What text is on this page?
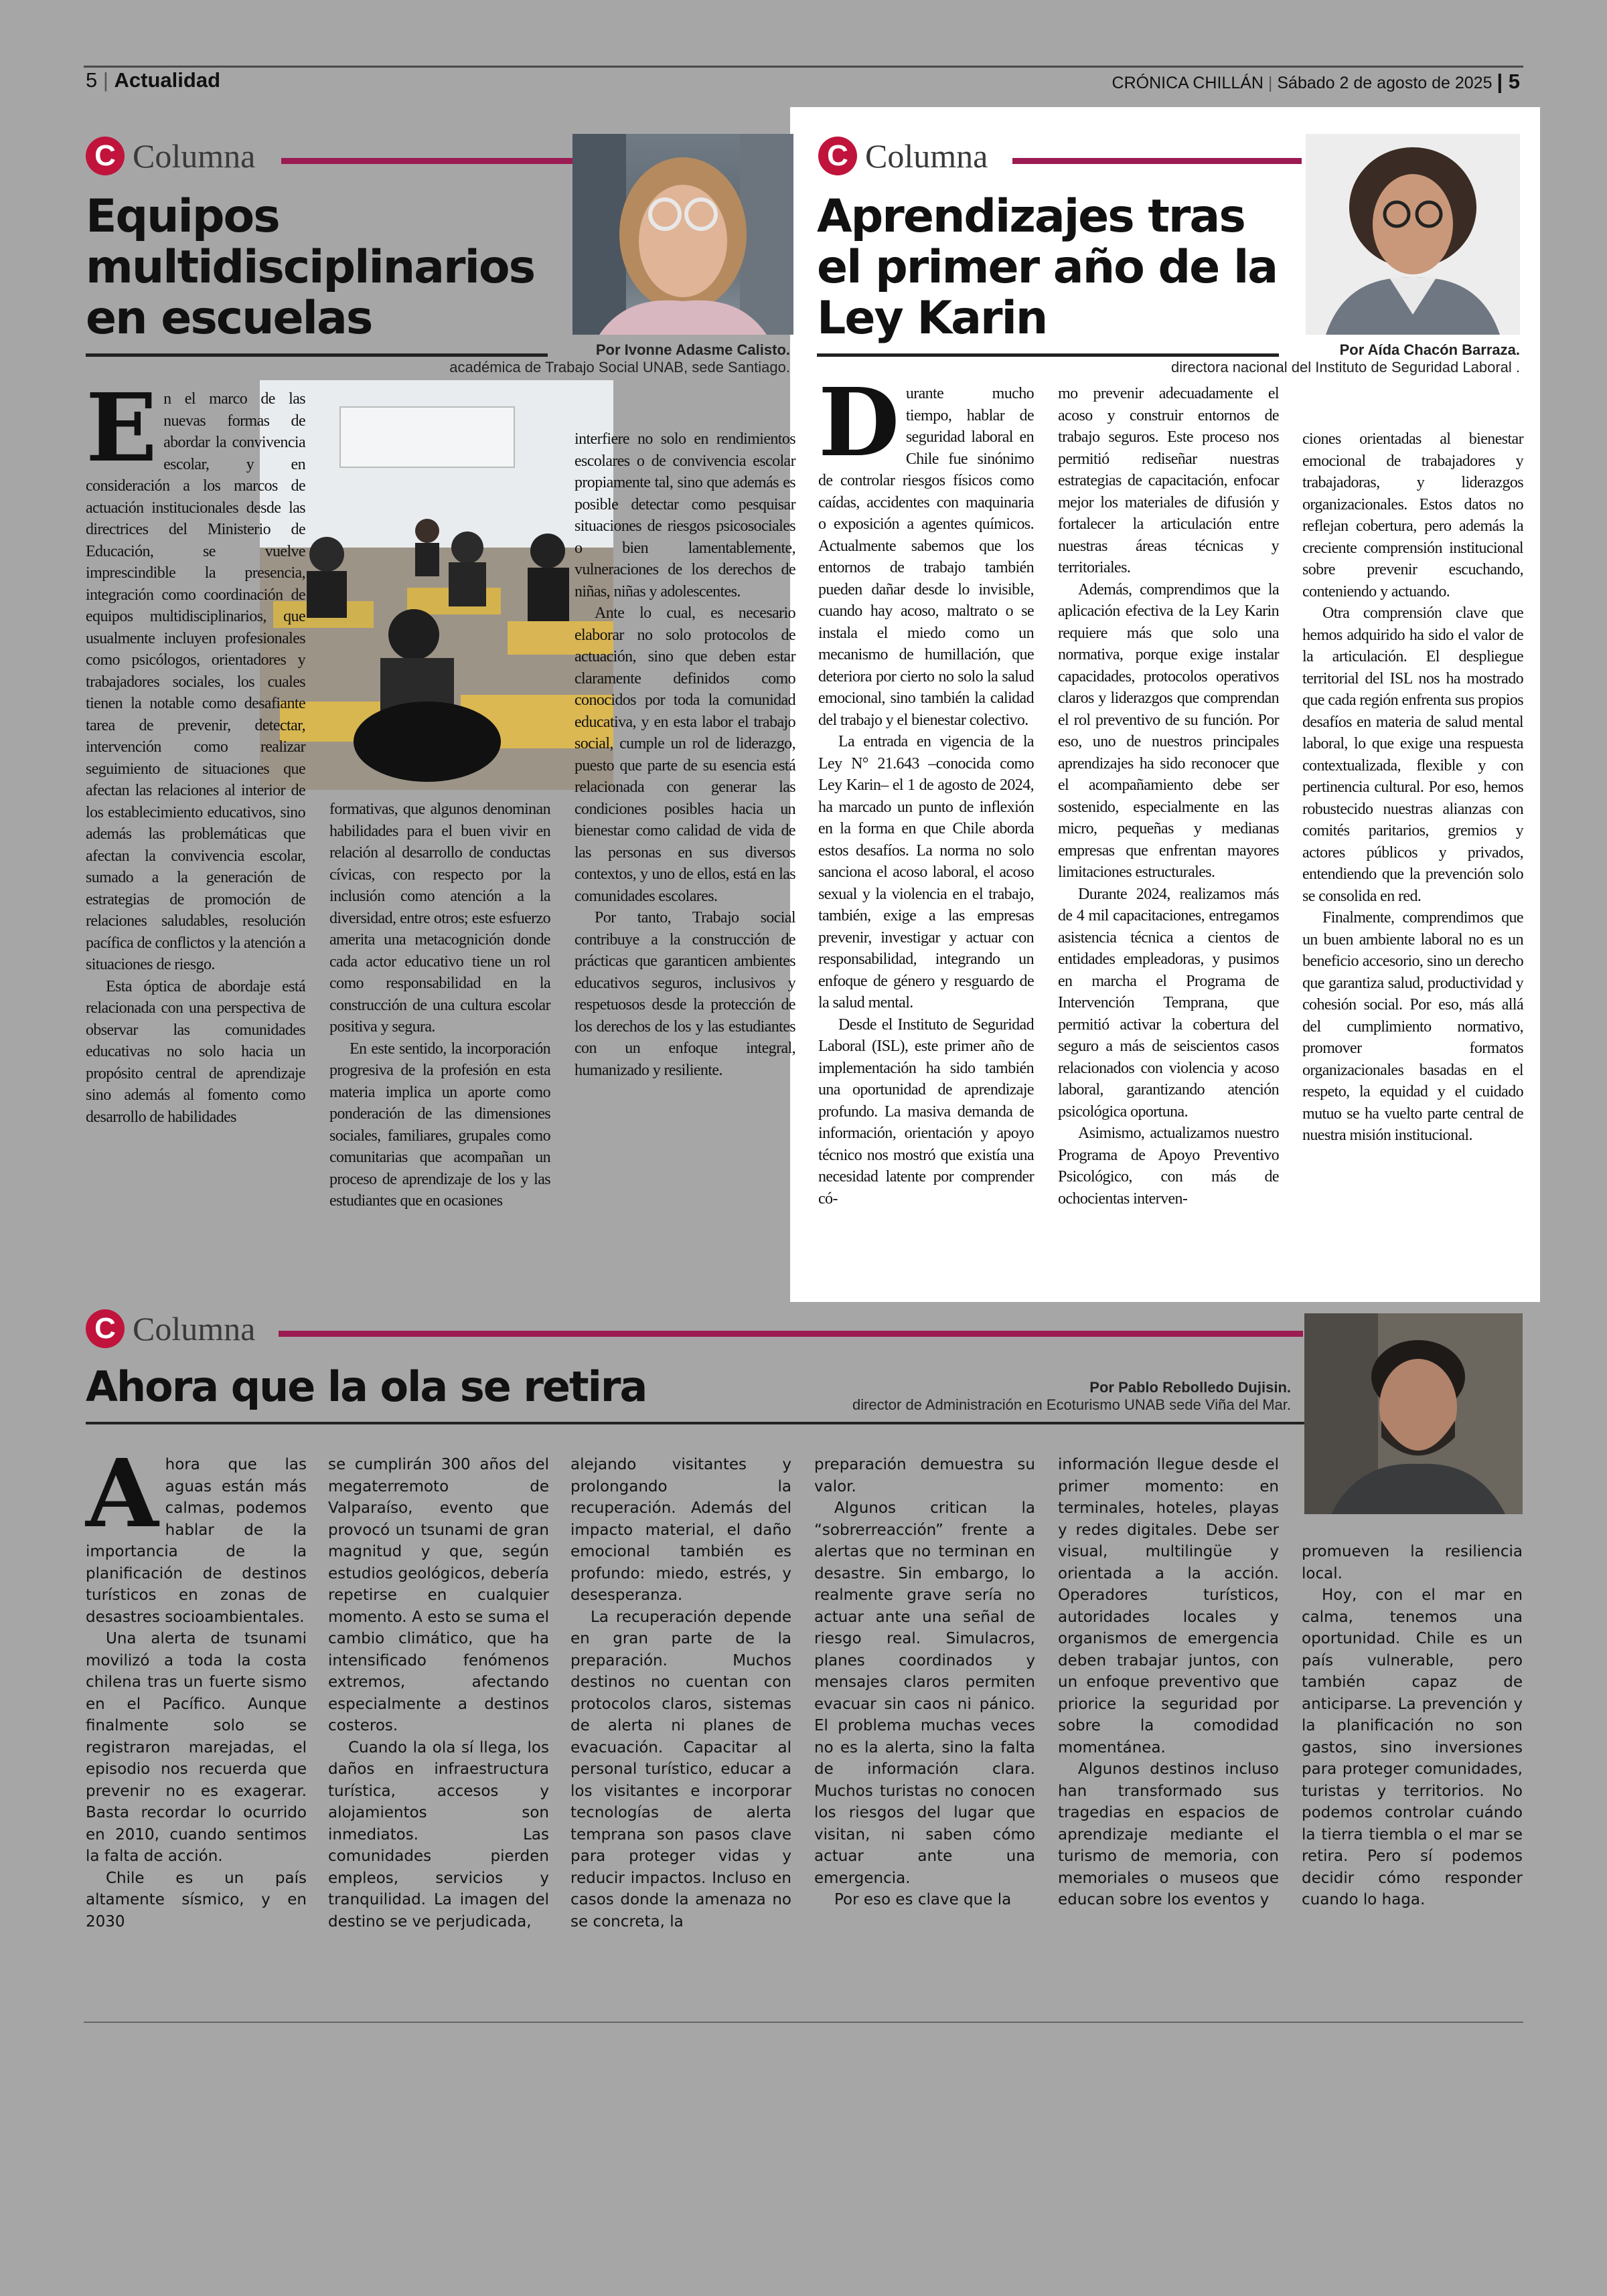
5 | Actualidad	CRÓNICA CHILLÁN | Sábado 2 de agosto de 2025 | 5
C Columna
Equipos multidisciplinarios en escuelas
Por Ivonne Adasme Calisto.
académica de Trabajo Social UNAB, sede Santiago.

En el marco de las nuevas formas de abordar la convivencia escolar, y en consideración a los marcos de actuación institucionales desde las directrices del Ministerio de Educación, se vuelve imprescindible la presencia, integración como coordinación de equipos multidisciplinarios, que usualmente incluyen profesionales como psicólogos, orientadores y trabajadores sociales, los cuales tienen la notable como desafiante tarea de prevenir, detectar, intervención como realizar seguimiento de situaciones que afectan las relaciones al interior de los establecimiento educativos, sino además las problemáticas que afectan la convivencia escolar, sumado a la generación de estrategias de promoción de relaciones saludables, resolución pacífica de conflictos y la atención a situaciones de riesgo.

Esta óptica de abordaje está relacionada con una perspectiva de observar las comunidades educativas no solo hacia un propósito central de aprendizaje sino además al fomento como desarrollo de habilidades

formativas, que algunos denominan habilidades para el buen vivir en relación al desarrollo de conductas cívicas, con respecto por la inclusión como atención a la diversidad, entre otros; este esfuerzo amerita una metacognición donde cada actor educativo tiene un rol como responsabilidad en la construcción de una cultura escolar positiva y segura.

En este sentido, la incorporación progresiva de la profesión en esta materia implica un aporte como ponderación de las dimensiones sociales, familiares, grupales como comunitarias que acompañan un proceso de aprendizaje de los y las estudiantes que en ocasiones

interfiere no solo en rendimientos escolares o de convivencia escolar propiamente tal, sino que además es posible detectar como pesquisar situaciones de riesgos psicosociales o bien lamentablemente, vulneraciones de los derechos de niñas, niñas y adolescentes.

Ante lo cual, es necesario elaborar no solo protocolos de actuación, sino que deben estar claramente definidos como conocidos por toda la comunidad educativa, y en esta labor el trabajo social, cumple un rol de liderazgo, puesto que parte de su esencia está relacionada con generar las condiciones posibles hacia un bienestar como calidad de vida de las personas en sus diversos contextos, y uno de ellos, está en las comunidades escolares.

Por tanto, Trabajo social contribuye a la construcción de prácticas que garanticen ambientes educativos seguros, inclusivos y respetuosos desde la protección de los derechos de los y las estudiantes con un enfoque integral, humanizado y resiliente.

C Columna
Aprendizajes tras el primer año de la Ley Karin
Por Aída Chacón Barraza.
directora nacional del Instituto de Seguridad Laboral .

Durante mucho tiempo, hablar de seguridad laboral en Chile fue sinónimo de controlar riesgos físicos como caídas, accidentes con maquinaria o exposición a agentes químicos. Actualmente sabemos que los entornos de trabajo también pueden dañar desde lo invisible, cuando hay acoso, maltrato o se instala el miedo como un mecanismo de humillación, que deteriora por cierto no solo la salud emocional, sino también la calidad del trabajo y el bienestar colectivo.

La entrada en vigencia de la Ley N° 21.643 –conocida como Ley Karin– el 1 de agosto de 2024, ha marcado un punto de inflexión en la forma en que Chile aborda estos desafíos. La norma no solo sanciona el acoso laboral, el acoso sexual y la violencia en el trabajo, también, exige a las empresas prevenir, investigar y actuar con responsabilidad, integrando un enfoque de género y resguardo de la salud mental.

Desde el Instituto de Seguridad Laboral (ISL), este primer año de implementación ha sido también una oportunidad de aprendizaje profundo. La masiva demanda de información, orientación y apoyo técnico nos mostró que existía una necesidad latente por comprender có-

mo prevenir adecuadamente el acoso y construir entornos de trabajo seguros. Este proceso nos permitió rediseñar nuestras estrategias de capacitación, enfocar mejor los materiales de difusión y fortalecer la articulación entre nuestras áreas técnicas y territoriales.

Además, comprendimos que la aplicación efectiva de la Ley Karin requiere más que solo una normativa, porque exige instalar capacidades, protocolos operativos claros y liderazgos que comprendan el rol preventivo de su función. Por eso, uno de nuestros principales aprendizajes ha sido reconocer que el acompañamiento debe ser sostenido, especialmente en las micro, pequeñas y medianas empresas que enfrentan mayores limitaciones estructurales.

Durante 2024, realizamos más de 4 mil capacitaciones, entregamos asistencia técnica a cientos de entidades empleadoras, y pusimos en marcha el Programa de Intervención Temprana, que permitió activar la cobertura del seguro a más de seiscientos casos relacionados con violencia y acoso laboral, garantizando atención psicológica oportuna.

Asimismo, actualizamos nuestro Programa de Apoyo Preventivo Psicológico, con más de ochocientas interven-

ciones orientadas al bienestar emocional de trabajadores y trabajadoras, y liderazgos organizacionales. Estos datos no reflejan cobertura, pero además la creciente comprensión institucional sobre prevenir escuchando, conteniendo y actuando.

Otra comprensión clave que hemos adquirido ha sido el valor de la articulación. El despliegue territorial del ISL nos ha mostrado que cada región enfrenta sus propios desafíos en materia de salud mental laboral, lo que exige una respuesta contextualizada, flexible y con pertinencia cultural. Por eso, hemos robustecido nuestras alianzas con comités paritarios, gremios y actores públicos y privados, entendiendo que la prevención solo se consolida en red.

Finalmente, comprendimos que un buen ambiente laboral no es un beneficio accesorio, sino un derecho que garantiza salud, productividad y cohesión social. Por eso, más allá del cumplimiento normativo, promover formatos organizacionales basadas en el respeto, la equidad y el cuidado mutuo se ha vuelto parte central de nuestra misión institucional.

C Columna
Ahora que la ola se retira	Por Pablo Rebolledo Dujisin.
director de Administración en Ecoturismo UNAB sede Viña del Mar.

Ahora que las aguas están más calmas, podemos hablar de la importancia de la planificación de destinos turísticos en zonas de desastres socioambientales.

Una alerta de tsunami movilizó a toda la costa chilena tras un fuerte sismo en el Pacífico. Aunque finalmente solo se registraron marejadas, el episodio nos recuerda que prevenir no es exagerar. Basta recordar lo ocurrido en 2010, cuando sentimos la falta de acción.

Chile es un país altamente sísmico, y en 2030

se cumplirán 300 años del megaterremoto de Valparaíso, evento que provocó un tsunami de gran magnitud y que, según estudios geológicos, debería repetirse en cualquier momento. A esto se suma el cambio climático, que ha intensificado fenómenos extremos, afectando especialmente a destinos costeros.

Cuando la ola sí llega, los daños en infraestructura turística, accesos y alojamientos son inmediatos. Las comunidades pierden empleos, servicios y tranquilidad. La imagen del destino se ve perjudicada,

alejando visitantes y prolongando la recuperación. Además del impacto material, el daño emocional también es profundo: miedo, estrés, y desesperanza.

La recuperación depende en gran parte de la preparación. Muchos destinos no cuentan con protocolos claros, sistemas de alerta ni planes de evacuación. Capacitar al personal turístico, educar a los visitantes e incorporar tecnologías de alerta temprana son pasos clave para proteger vidas y reducir impactos. Incluso en casos donde la amenaza no se concreta, la

preparación demuestra su valor.

Algunos critican la “sobrerreacción” frente a alertas que no terminan en desastre. Sin embargo, lo realmente grave sería no actuar ante una señal de riesgo real. Simulacros, planes coordinados y mensajes claros permiten evacuar sin caos ni pánico. El problema muchas veces no es la alerta, sino la falta de información clara. Muchos turistas no conocen los riesgos del lugar que visitan, ni saben cómo actuar ante una emergencia.

Por eso es clave que la

información llegue desde el primer momento: en terminales, hoteles, playas y redes digitales. Debe ser visual, multilingüe y orientada a la acción. Operadores turísticos, autoridades locales y organismos de emergencia deben trabajar juntos, con un enfoque preventivo que priorice la seguridad por sobre la comodidad momentánea.

Algunos destinos incluso han transformado sus tragedias en espacios de aprendizaje mediante el turismo de memoria, con memoriales o museos que educan sobre los eventos y

promueven la resiliencia local.

Hoy, con el mar en calma, tenemos una oportunidad. Chile es un país vulnerable, pero también capaz de anticiparse. La prevención y la planificación no son gastos, sino inversiones para proteger comunidades, turistas y territorios. No podemos controlar cuándo la tierra tiembla o el mar se retira. Pero sí podemos decidir cómo responder cuando lo haga.
